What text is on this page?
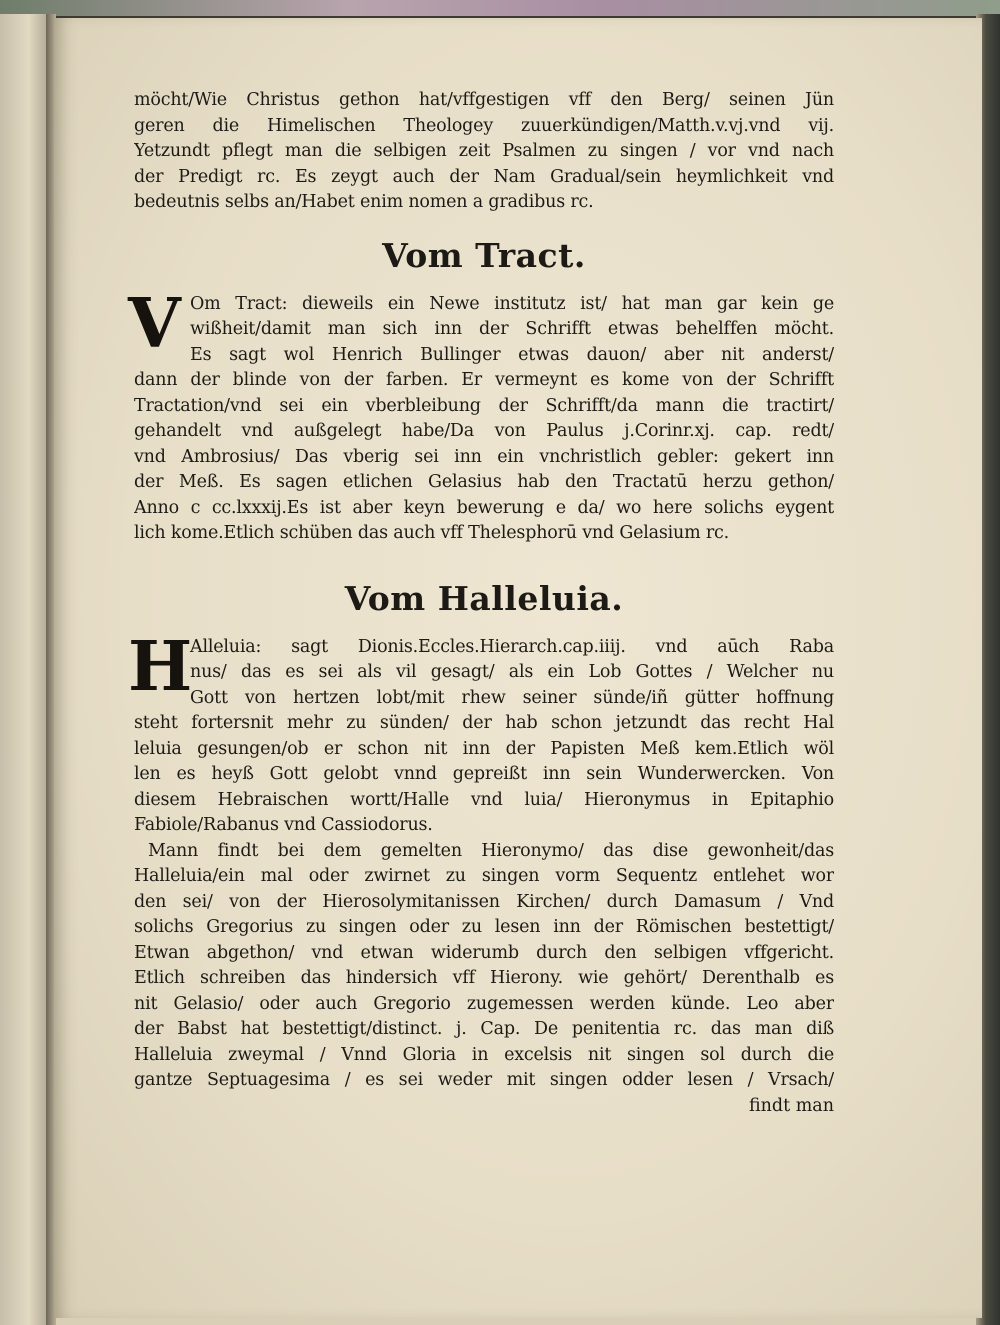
möcht/Wie Christus gethon hat/vffgestigen vff den Berg/ seinen Jün
geren die Himelischen Theologey zuuerkündigen/Matth.v.vj.vnd vij.
Yetzundt pflegt man die selbigen zeit Psalmen zu singen / vor vnd nach
der Predigt rc. Es zeygt auch der Nam Gradual/sein heymlichkeit vnd
bedeutnis selbs an/Habet enim nomen a gradibus rc.
Vom Tract.
V Om Tract: dieweils ein Newe institutz ist/ hat man gar kein ge
wißheit/damit man sich inn der Schrifft etwas behelffen möcht.
Es sagt wol Henrich Bullinger etwas dauon/ aber nit anderst/
dann der blinde von der farben. Er vermeynt es kome von der Schrifft
Tractation/vnd sei ein vberbleibung der Schrifft/da mann die tractirt/
gehandelt vnd außgelegt habe/Da von Paulus j.Corinr.xj. cap. redt/
vnd Ambrosius/ Das vberig sei inn ein vnchristlich gebler: gekert inn
der Meß. Es sagen etlichen Gelasius hab den Tractatū herzu gethon/
Anno c cc.lxxxij.Es ist aber keyn bewerung e da/ wo here solichs eygent
lich kome.Etlich schüben das auch vff Thelesphorū vnd Gelasium rc.
Vom Halleluia.
H
Alleluia: sagt Dionis.Eccles.Hierarch.cap.iiij. vnd aūch Raba
nus/ das es sei als vil gesagt/ als ein Lob Gottes / Welcher nu
Gott von hertzen lobt/mit rhew seiner sünde/iñ gütter hoffnung
steht fortersnit mehr zu sünden/ der hab schon jetzundt das recht Hal
leluia gesungen/ob er schon nit inn der Papisten Meß kem.Etlich wöl
len es heyß Gott gelobt vnnd gepreißt inn sein Wunderwercken. Von
diesem Hebraischen wortt/Halle vnd luia/ Hieronymus in Epitaphio
Fabiole/Rabanus vnd Cassiodorus.
Mann findt bei dem gemelten Hieronymo/ das dise gewonheit/das
Halleluia/ein mal oder zwirnet zu singen vorm Sequentz entlehet wor
den sei/ von der Hierosolymitanissen Kirchen/ durch Damasum / Vnd
solichs Gregorius zu singen oder zu lesen inn der Römischen bestettigt/
Etwan abgethon/ vnd etwan widerumb durch den selbigen vffgericht.
Etlich schreiben das hindersich vff Hierony. wie gehört/ Derenthalb es
nit Gelasio/ oder auch Gregorio zugemessen werden künde. Leo aber
der Babst hat bestettigt/distinct. j. Cap. De penitentia rc. das man diß
Halleluia zweymal / Vnnd Gloria in excelsis nit singen sol durch die
gantze Septuagesima / es sei weder mit singen odder lesen / Vrsach/
findt man
